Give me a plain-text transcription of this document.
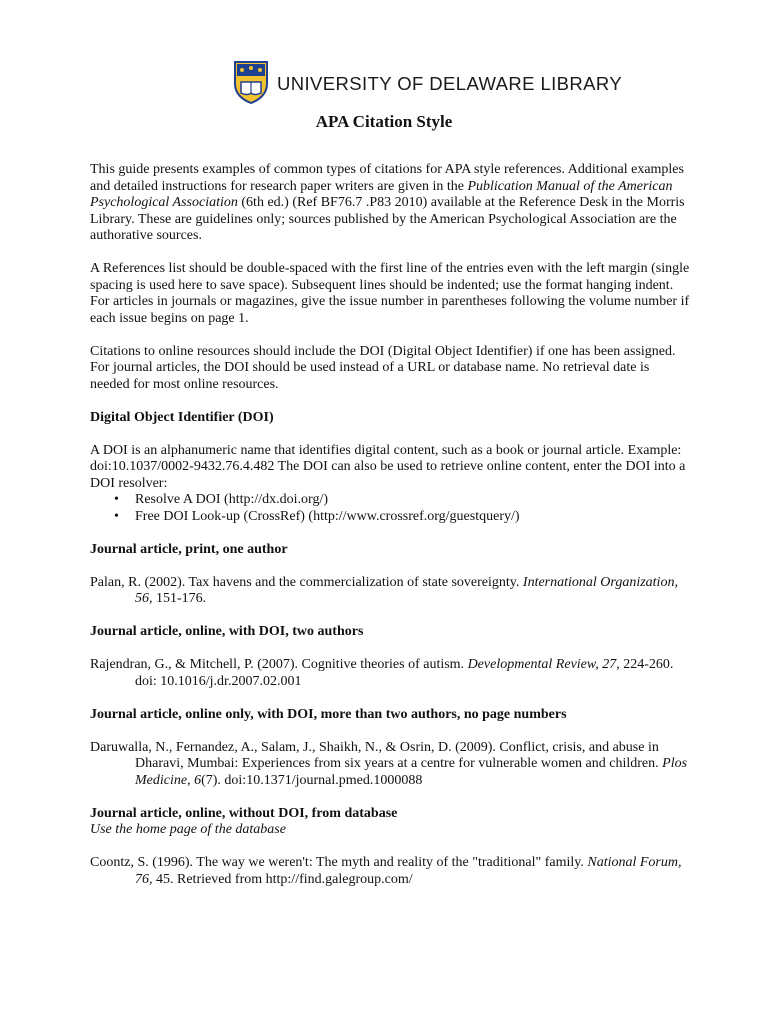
UNIVERSITY OF DELAWARE LIBRARY
APA Citation Style

This guide presents examples of common types of citations for APA style references. Additional examples and detailed instructions for research paper writers are given in the Publication Manual of the American Psychological Association (6th ed.) (Ref BF76.7 .P83 2010) available at the Reference Desk in the Morris Library. These are guidelines only; sources published by the American Psychological Association are the authorative sources.

A References list should be double-spaced with the first line of the entries even with the left margin (single spacing is used here to save space). Subsequent lines should be indented; use the format hanging indent. For articles in journals or magazines, give the issue number in parentheses following the volume number if each issue begins on page 1.

Citations to online resources should include the DOI (Digital Object Identifier) if one has been assigned. For journal articles, the DOI should be used instead of a URL or database name. No retrieval date is needed for most online resources.

Digital Object Identifier (DOI)

A DOI is an alphanumeric name that identifies digital content, such as a book or journal article. Example: doi:10.1037/0002-9432.76.4.482 The DOI can also be used to retrieve online content, enter the DOI into a DOI resolver:

• Resolve A DOI (http://dx.doi.org/)
• Free DOI Look-up (CrossRef) (http://www.crossref.org/guestquery/)

Journal article, print, one author

Palan, R. (2002). Tax havens and the commercialization of state sovereignty. International Organization, 56, 151-176.

Journal article, online, with DOI, two authors

Rajendran, G., & Mitchell, P. (2007). Cognitive theories of autism. Developmental Review, 27, 224-260. doi: 10.1016/j.dr.2007.02.001

Journal article, online only, with DOI, more than two authors, no page numbers

Daruwalla, N., Fernandez, A., Salam, J., Shaikh, N., & Osrin, D. (2009). Conflict, crisis, and abuse in Dharavi, Mumbai: Experiences from six years at a centre for vulnerable women and children. Plos Medicine, 6(7). doi:10.1371/journal.pmed.1000088

Journal article, online, without DOI, from database

Use the home page of the database

Coontz, S. (1996). The way we weren't: The myth and reality of the "traditional" family. National Forum, 76, 45. Retrieved from http://find.galegroup.com/
